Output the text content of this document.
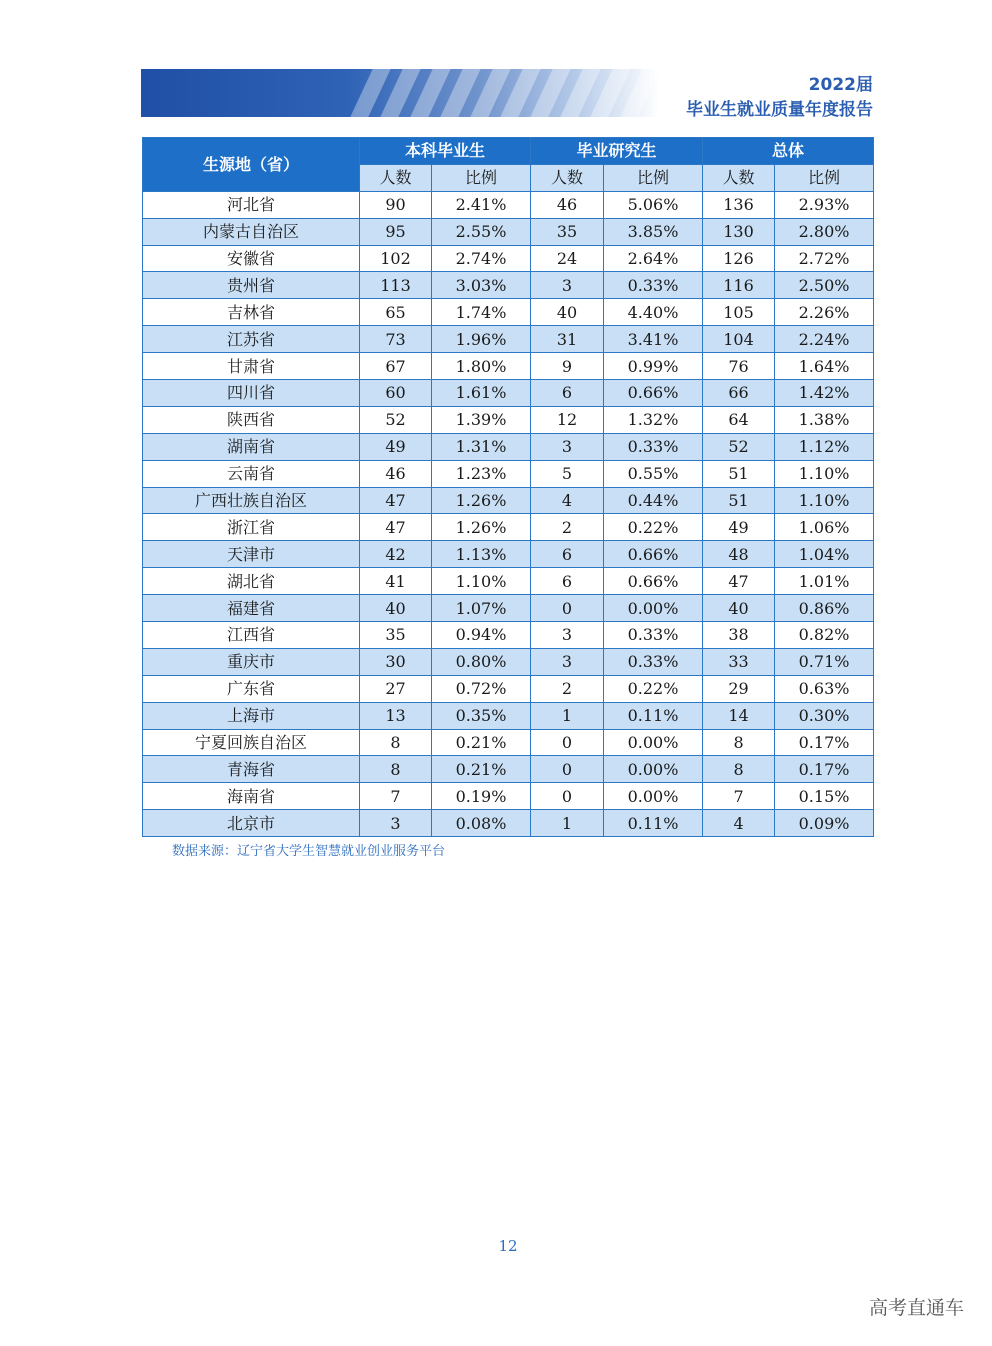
2022届
毕业生就业质量年度报告
生源地（省）	本科毕业生		毕业研究生		总体	
	人数	比例	人数	比例	人数	比例
河北省	90	2.41%	46	5.06%	136	2.93%
内蒙古自治区	95	2.55%	35	3.85%	130	2.80%
安徽省	102	2.74%	24	2.64%	126	2.72%
贵州省	113	3.03%	3	0.33%	116	2.50%
吉林省	65	1.74%	40	4.40%	105	2.26%
江苏省	73	1.96%	31	3.41%	104	2.24%
甘肃省	67	1.80%	9	0.99%	76	1.64%
四川省	60	1.61%	6	0.66%	66	1.42%
陕西省	52	1.39%	12	1.32%	64	1.38%
湖南省	49	1.31%	3	0.33%	52	1.12%
云南省	46	1.23%	5	0.55%	51	1.10%
广西壮族自治区	47	1.26%	4	0.44%	51	1.10%
浙江省	47	1.26%	2	0.22%	49	1.06%
天津市	42	1.13%	6	0.66%	48	1.04%
湖北省	41	1.10%	6	0.66%	47	1.01%
福建省	40	1.07%	0	0.00%	40	0.86%
江西省	35	0.94%	3	0.33%	38	0.82%
重庆市	30	0.80%	3	0.33%	33	0.71%
广东省	27	0.72%	2	0.22%	29	0.63%
上海市	13	0.35%	1	0.11%	14	0.30%
宁夏回族自治区	8	0.21%	0	0.00%	8	0.17%
青海省	8	0.21%	0	0.00%	8	0.17%
海南省	7	0.19%	0	0.00%	7	0.15%
北京市	3	0.08%	1	0.11%	4	0.09%
数据来源：辽宁省大学生智慧就业创业服务平台
12
高考直通车
